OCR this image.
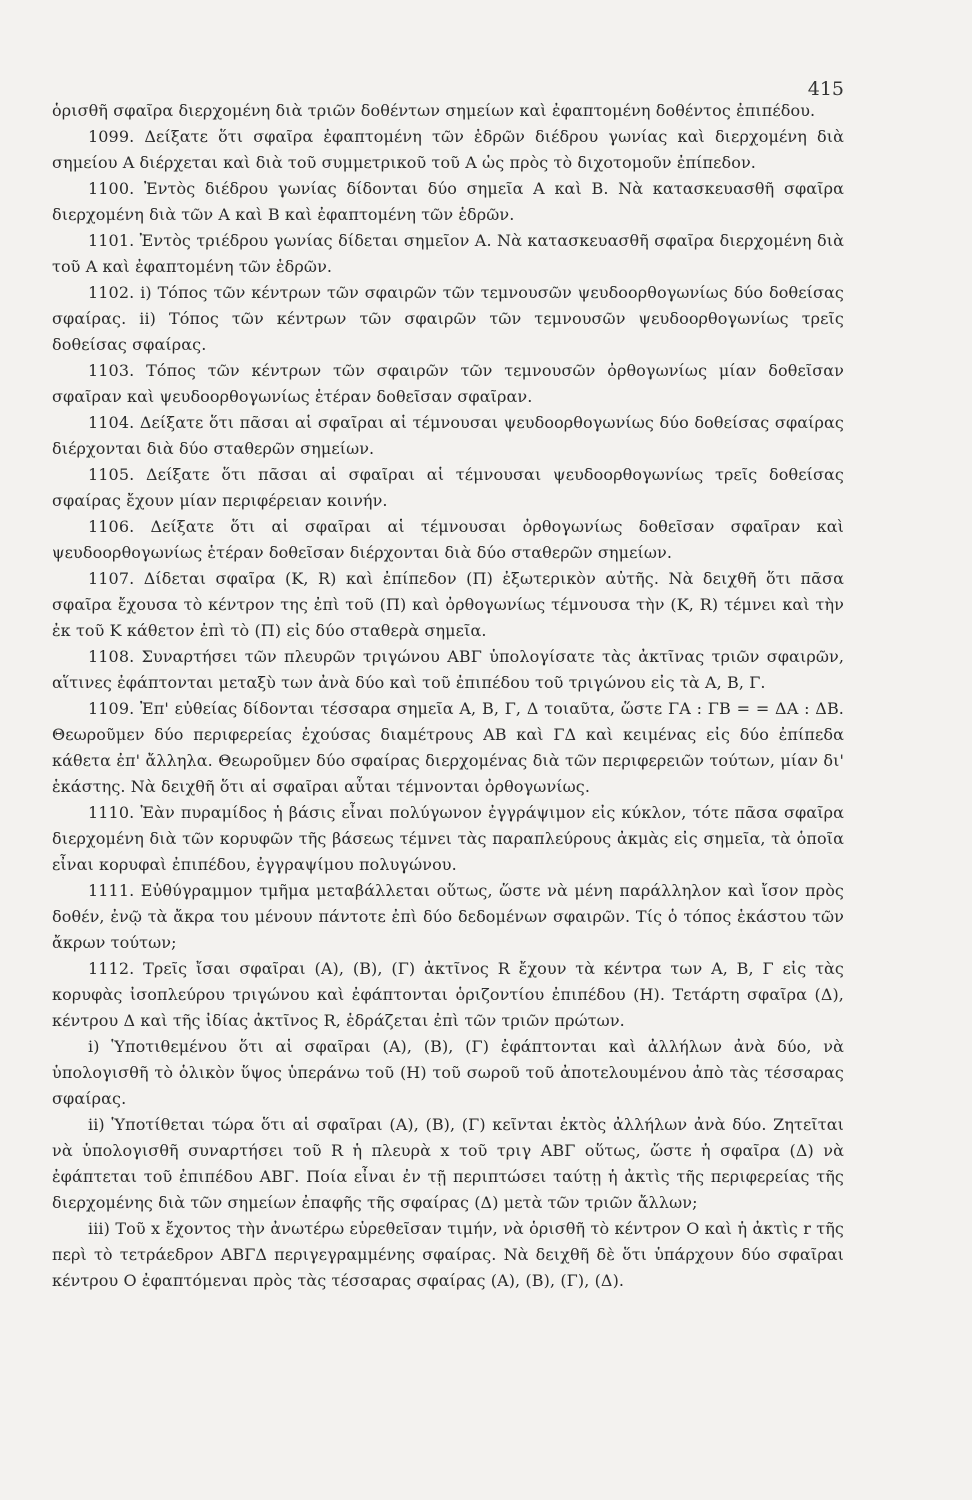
415

ὁρισθῆ σφαῖρα διερχομένη διὰ τριῶν δοθέντων σημείων καὶ ἐφαπτομένη δοθέντος ἐπιπέδου.

1099. Δείξατε ὅτι σφαῖρα ἐφαπτομένη τῶν ἑδρῶν διέδρου γωνίας καὶ διερχομένη διὰ σημείου Α διέρχεται καὶ διὰ τοῦ συμμετρικοῦ τοῦ Α ὡς πρὸς τὸ διχοτομοῦν ἐπίπεδον.

1100. Ἐντὸς διέδρου γωνίας δίδονται δύο σημεῖα Α καὶ Β. Νὰ κατασκευασθῆ σφαῖρα διερχομένη διὰ τῶν Α καὶ Β καὶ ἐφαπτομένη τῶν ἑδρῶν.

1101. Ἐντὸς τριέδρου γωνίας δίδεται σημεῖον Α. Νὰ κατασκευασθῆ σφαῖρα διερχομένη διὰ τοῦ Α καὶ ἐφαπτομένη τῶν ἑδρῶν.

1102. i) Τόπος τῶν κέντρων τῶν σφαιρῶν τῶν τεμνουσῶν ψευδοορθογωνίως δύο δοθείσας σφαίρας. ii) Τόπος τῶν κέντρων τῶν σφαιρῶν τῶν τεμνουσῶν ψευδοορθογωνίως τρεῖς δοθείσας σφαίρας.

1103. Τόπος τῶν κέντρων τῶν σφαιρῶν τῶν τεμνουσῶν ὀρθογωνίως μίαν δοθεῖσαν σφαῖραν καὶ ψευδοορθογωνίως ἑτέραν δοθεῖσαν σφαῖραν.

1104. Δείξατε ὅτι πᾶσαι αἱ σφαῖραι αἱ τέμνουσαι ψευδοορθογωνίως δύο δοθείσας σφαίρας διέρχονται διὰ δύο σταθερῶν σημείων.

1105. Δείξατε ὅτι πᾶσαι αἱ σφαῖραι αἱ τέμνουσαι ψευδοορθογωνίως τρεῖς δοθείσας σφαίρας ἔχουν μίαν περιφέρειαν κοινήν.

1106. Δείξατε ὅτι αἱ σφαῖραι αἱ τέμνουσαι ὀρθογωνίως δοθεῖσαν σφαῖραν καὶ ψευδοορθογωνίως ἑτέραν δοθεῖσαν διέρχονται διὰ δύο σταθερῶν σημείων.

1107. Δίδεται σφαῖρα (Κ, R) καὶ ἐπίπεδον (Π) ἐξωτερικὸν αὐτῆς. Νὰ δειχθῆ ὅτι πᾶσα σφαῖρα ἔχουσα τὸ κέντρον της ἐπὶ τοῦ (Π) καὶ ὀρθογωνίως τέμνουσα τὴν (Κ, R) τέμνει καὶ τὴν ἐκ τοῦ Κ κάθετον ἐπὶ τὸ (Π) εἰς δύο σταθερὰ σημεῖα.

1108. Συναρτήσει τῶν πλευρῶν τριγώνου ΑΒΓ ὑπολογίσατε τὰς ἀκτῖνας τριῶν σφαιρῶν, αἵτινες ἐφάπτονται μεταξὺ των ἀνὰ δύο καὶ τοῦ ἐπιπέδου τοῦ τριγώνου εἰς τὰ Α, Β, Γ.

1109. Ἐπ' εὐθείας δίδονται τέσσαρα σημεῖα Α, Β, Γ, Δ τοιαῦτα, ὥστε ΓΑ : ΓΒ = = ΔΑ : ΔΒ. Θεωροῦμεν δύο περιφερείας ἐχούσας διαμέτρους ΑΒ καὶ ΓΔ καὶ κειμένας εἰς δύο ἐπίπεδα κάθετα ἐπ' ἄλληλα. Θεωροῦμεν δύο σφαίρας διερχομένας διὰ τῶν περιφερειῶν τούτων, μίαν δι' ἑκάστης. Νὰ δειχθῆ ὅτι αἱ σφαῖραι αὗται τέμνονται ὀρθογωνίως.

1110. Ἐὰν πυραμίδος ἡ βάσις εἶναι πολύγωνον ἐγγράψιμον εἰς κύκλον, τότε πᾶσα σφαῖρα διερχομένη διὰ τῶν κορυφῶν τῆς βάσεως τέμνει τὰς παραπλεύρους ἀκμὰς εἰς σημεῖα, τὰ ὁποῖα εἶναι κορυφαὶ ἐπιπέδου, ἐγγραψίμου πολυγώνου.

1111. Εὐθύγραμμον τμῆμα μεταβάλλεται οὕτως, ὥστε νὰ μένη παράλληλον καὶ ἴσον πρὸς δοθέν, ἐνῷ τὰ ἄκρα του μένουν πάντοτε ἐπὶ δύο δεδομένων σφαιρῶν. Τίς ὁ τόπος ἑκάστου τῶν ἄκρων τούτων;

1112. Τρεῖς ἴσαι σφαῖραι (Α), (Β), (Γ) ἀκτῖνος R ἔχουν τὰ κέντρα των Α, Β, Γ εἰς τὰς κορυφὰς ἰσοπλεύρου τριγώνου καὶ ἐφάπτονται ὁριζοντίου ἐπιπέδου (Η). Τετάρτη σφαῖρα (Δ), κέντρου Δ καὶ τῆς ἰδίας ἀκτῖνος R, ἑδράζεται ἐπὶ τῶν τριῶν πρώτων.

i) Ὑποτιθεμένου ὅτι αἱ σφαῖραι (Α), (Β), (Γ) ἐφάπτονται καὶ ἀλλήλων ἀνὰ δύο, νὰ ὑπολογισθῆ τὸ ὁλικὸν ὕψος ὑπεράνω τοῦ (Η) τοῦ σωροῦ τοῦ ἀποτελουμένου ἀπὸ τὰς τέσσαρας σφαίρας.

ii) Ὑποτίθεται τώρα ὅτι αἱ σφαῖραι (Α), (Β), (Γ) κεῖνται ἐκτὸς ἀλλήλων ἀνὰ δύο. Ζητεῖται νὰ ὑπολογισθῆ συναρτήσει τοῦ R ἡ πλευρὰ x τοῦ τριγ ΑΒΓ οὕτως, ὥστε ἡ σφαῖρα (Δ) νὰ ἐφάπτεται τοῦ ἐπιπέδου ΑΒΓ. Ποία εἶναι ἐν τῇ περιπτώσει ταύτῃ ἡ ἀκτὶς τῆς περιφερείας τῆς διερχομένης διὰ τῶν σημείων ἐπαφῆς τῆς σφαίρας (Δ) μετὰ τῶν τριῶν ἄλλων;

iii) Τοῦ x ἔχοντος τὴν ἀνωτέρω εὑρεθεῖσαν τιμήν, νὰ ὁρισθῆ τὸ κέντρον Ο καὶ ἡ ἀκτὶς r τῆς περὶ τὸ τετράεδρον ΑΒΓΔ περιγεγραμμένης σφαίρας. Νὰ δειχθῆ δὲ ὅτι ὑπάρχουν δύο σφαῖραι κέντρου Ο ἐφαπτόμεναι πρὸς τὰς τέσσαρας σφαίρας (Α), (Β), (Γ), (Δ).
